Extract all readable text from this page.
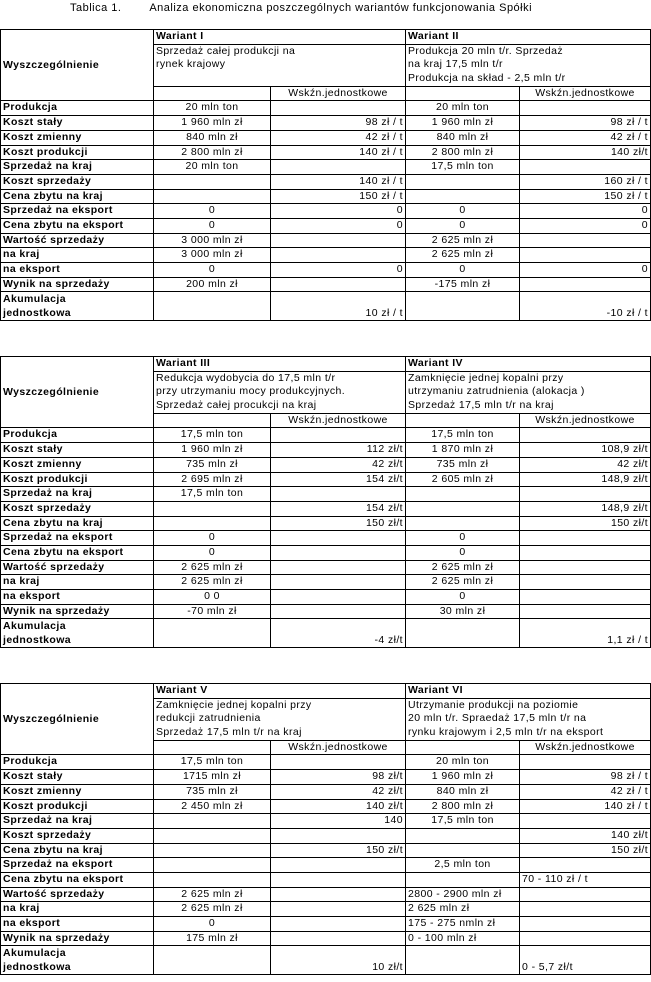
Tablica 1.        Analiza ekonomiczna poszczególnych wariantów funkcjonowania Spółki
Wyszczególnienie	Wariant I		Wariant II	
	Sprzedaż całej produkcji na		Produkcja 20 mln t/r. Sprzedaż	
	rynek krajowy		na kraj 17,5 mln t/r	
			Produkcja na skład - 2,5 mln t/r	
		Wskźn.jednostkowe		Wskźn.jednostkowe
Produkcja	20 mln ton		20 mln ton	
Koszt stały	1 960 mln zł	98 zł / t	1 960 mln zł	98 zł / t
Koszt zmienny	840 mln zł	42 zł / t	840 mln zł	42 zł / t
Koszt produkcji	2 800 mln zł	140 zł / t	2 800 mln zł	140 zł/t
Sprzedaż na kraj	20 mln ton		17,5 mln ton	
Koszt sprzedaży		140 zł / t		160 zł / t
Cena zbytu na kraj		150 zł / t		150 zł / t
Sprzedaż na eksport	0	0	0	0
Cena zbytu na eksport	0	0	0	0
Wartość sprzedaży	3 000 mln zł		2 625 mln zł	
na kraj	3 000 mln zł		2 625 mln zł	
na eksport	0	0	0	0
Wynik na sprzedaży	200 mln zł		-175 mln zł	

Akumulacja
jednostkowa		10 zł / t		-10 zł / t
Wyszczególnienie	Wariant III		Wariant IV	
	Redukcja wydobycia do 17,5 mln t/r		Zamknięcie jednej kopalni przy	
	przy utrzymaniu mocy produkcyjnych.		utrzymaniu zatrudnienia (alokacja )	
	Sprzedaż całej procukcji na kraj		Sprzedaż 17,5 mln t/r na kraj	
		Wskźn.jednostkowe		Wskźn.jednostkowe
Produkcja	17,5 mln ton		17,5 mln ton	
Koszt stały	1 960 mln zł	112 zł/t	1 870 mln zł	108,9 zł/t
Koszt zmienny	735 mln zł	42 zł/t	735 mln zł	42 zł/t
Koszt produkcji	2 695 mln zł	154 zł/t	2 605 mln zł	148,9 zł/t
Sprzedaż na kraj	17,5 mln ton			
Koszt sprzedaży		154 zł/t		148,9 zł/t
Cena zbytu na kraj		150 zł/t		150 zł/t
Sprzedaż na eksport	0		0	
Cena zbytu na eksport	0		0	
Wartość sprzedaży	2 625 mln zł		2 625 mln zł	
na kraj	2 625 mln zł		2 625 mln zł	
na eksport	0 0		0	
Wynik na sprzedaży	-70 mln zł		30 mln zł	

Akumulacja
jednostkowa		-4 zł/t		1,1 zł / t
Wyszczególnienie	Wariant V		Wariant VI	
	Zamknięcie jednej kopalni przy		Utrzymanie produkcji na poziomie	
	redukcji zatrudnienia		20 mln t/r. Spraedaż 17,5 mln t/r na	
	Sprzedaż 17,5 mln t/r na kraj		rynku krajowym i 2,5 mln t/r na eksport	
		Wskźn.jednostkowe		Wskźn.jednostkowe
Produkcja	17,5 mln ton		20 mln ton	
Koszt stały	1715 mln zł	98 zł/t	1 960 mln zł	98 zł / t
Koszt zmienny	735 mln zł	42 zł/t	840 mln zł	42 zł / t
Koszt produkcji	2 450 mln zł	140 zł/t	2 800 mln zł	140 zł / t
Sprzedaż na kraj		140	17,5 mln ton	
Koszt sprzedaży				140 zł/t
Cena zbytu na kraj		150 zł/t		150 zł/t
Sprzedaż na eksport			2,5 mln ton	
Cena zbytu na eksport				70 - 110 zł / t
Wartość sprzedaży	2 625 mln zł		2800 - 2900 mln zł	
na kraj	2 625 mln zł		2 625 mln zł	
na eksport	0		175 - 275 nmln zł	
Wynik na sprzedaży	175 mln zł		0 - 100 mln zł	

Akumulacja
jednostkowa		10 zł/t		0 - 5,7 zł/t
